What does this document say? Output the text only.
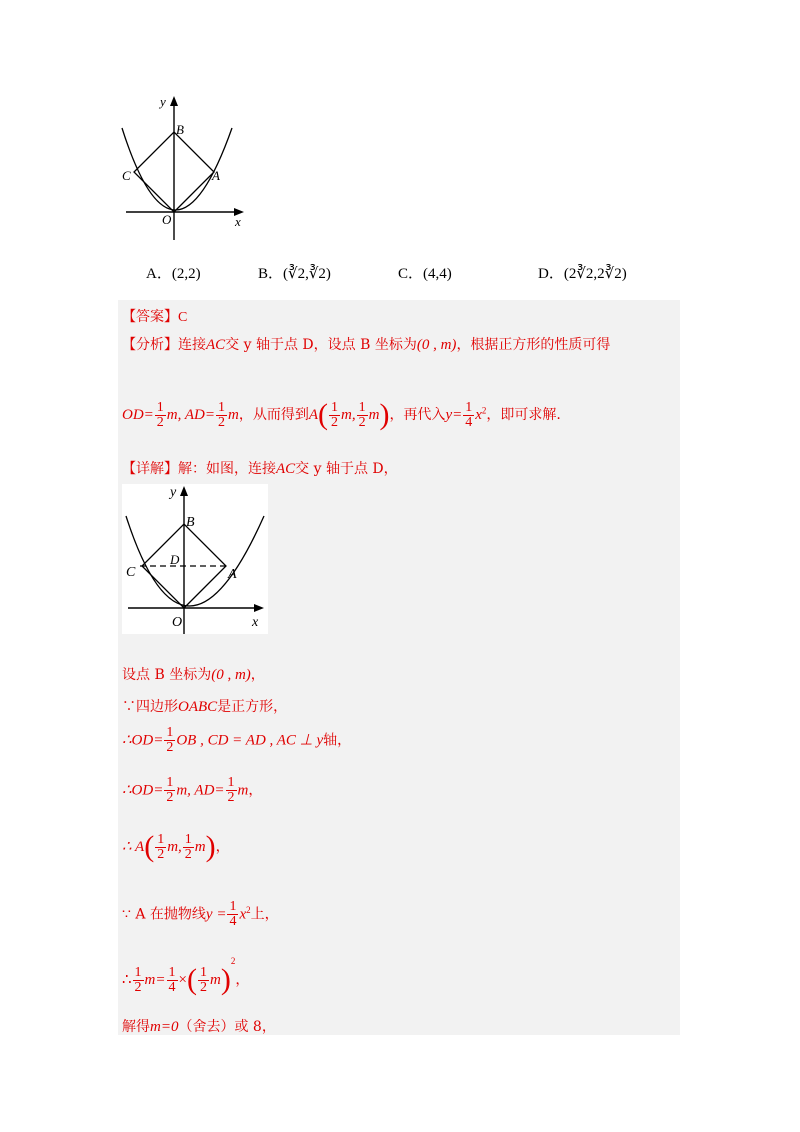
y
x
B
C	A
O
A．(2,2)	B．(∛2,∛2)	C．(4,4)	D．(2∛2,2∛2)
【答案】C
【分析】连接AC交 y 轴于点 D，设点 B 坐标为(0 , m)，根据正方形的性质可得
$OD= \frac{1}{2} m$, $AD= \frac{1}{2}$ m，从而得到$A( \frac{1}{2} m$, $\frac{1}{2} m$)，再代入$y= \frac{1}{4} x^2$，即可求解.
【详解】解：如图，连接AC交 y 轴于点 D，
y
x
B
D
C	A
O
设点 B 坐标为(0 , m)，
∵四边形OABC是正方形，
∴OD= $\frac{1}{2}$ OB , CD = AD , AC ⊥ y轴，
∴OD= $\frac{1}{2} m$, $AD= \frac{1}{2}$ m，
∴ $A( \frac{1}{2} m$, $\frac{1}{2} m$)，
∵ A 在抛物线$y = \frac{1}{4} x^2$上，
∴ $\frac{1}{2} m= \frac{1}{4}$ ×( $\frac{1}{2} m)^2$，
解得m=0（舍去）或 8，
